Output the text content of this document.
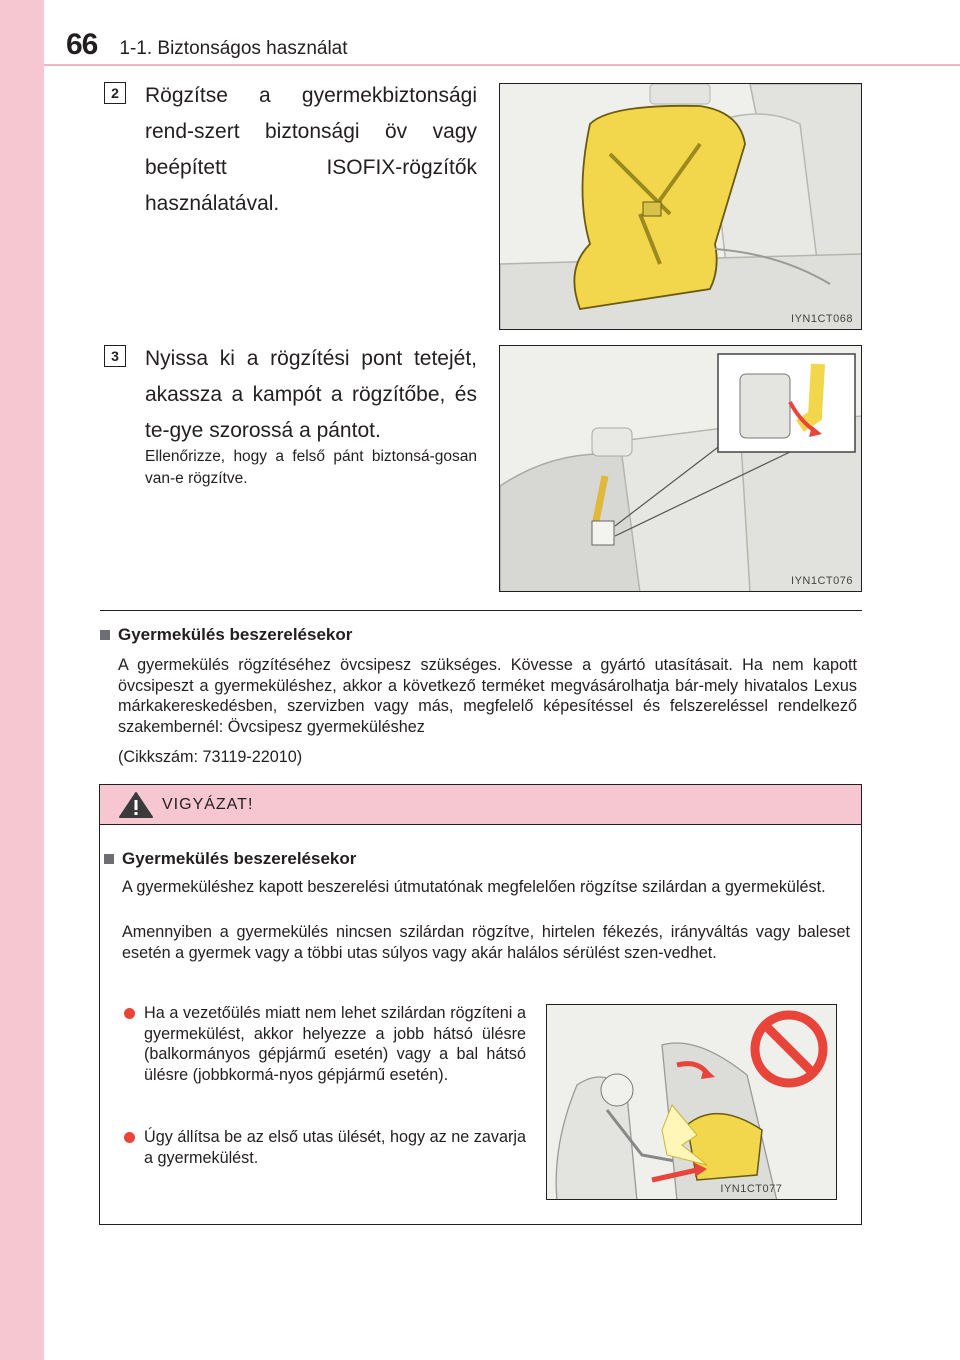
66 1-1. Biztonságos használat
2	Rögzítse a gyermekbiztonsági rend-szert biztonsági öv vagy beépített ISOFIX-rögzítők használatával.
IYN1CT068
3	Nyissa ki a rögzítési pont tetejét, akassza a kampót a rögzítőbe, és te-gye szorossá a pántot.
Ellenőrizze, hogy a felső pánt biztonsá-gosan van-e rögzítve.
IYN1CT076
Gyermekülés beszerelésekor
A gyermekülés rögzítéséhez övcsipesz szükséges. Kövesse a gyártó utasításait. Ha nem kapott övcsipeszt a gyermeküléshez, akkor a következő terméket megvásárolhatja bár-mely hivatalos Lexus márkakereskedésben, szervizben vagy más, megfelelő képesítéssel és felszereléssel rendelkező szakembernél: Övcsipesz gyermeküléshez
(Cikkszám: 73119-22010)
VIGYÁZAT!
Gyermekülés beszerelésekor
A gyermeküléshez kapott beszerelési útmutatónak megfelelően rögzítse szilárdan a gyermekülést.
Amennyiben a gyermekülés nincsen szilárdan rögzítve, hirtelen fékezés, irányváltás vagy baleset esetén a gyermek vagy a többi utas súlyos vagy akár halálos sérülést szen-vedhet.
Ha a vezetőülés miatt nem lehet szilárdan rögzíteni a gyermekülést, akkor helyezze a jobb hátsó ülésre (balkormányos gépjármű esetén) vagy a bal hátsó ülésre (jobbkormá-nyos gépjármű esetén).
Úgy állítsa be az első utas ülését, hogy az ne zavarja a gyermekülést.
IYN1CT077
